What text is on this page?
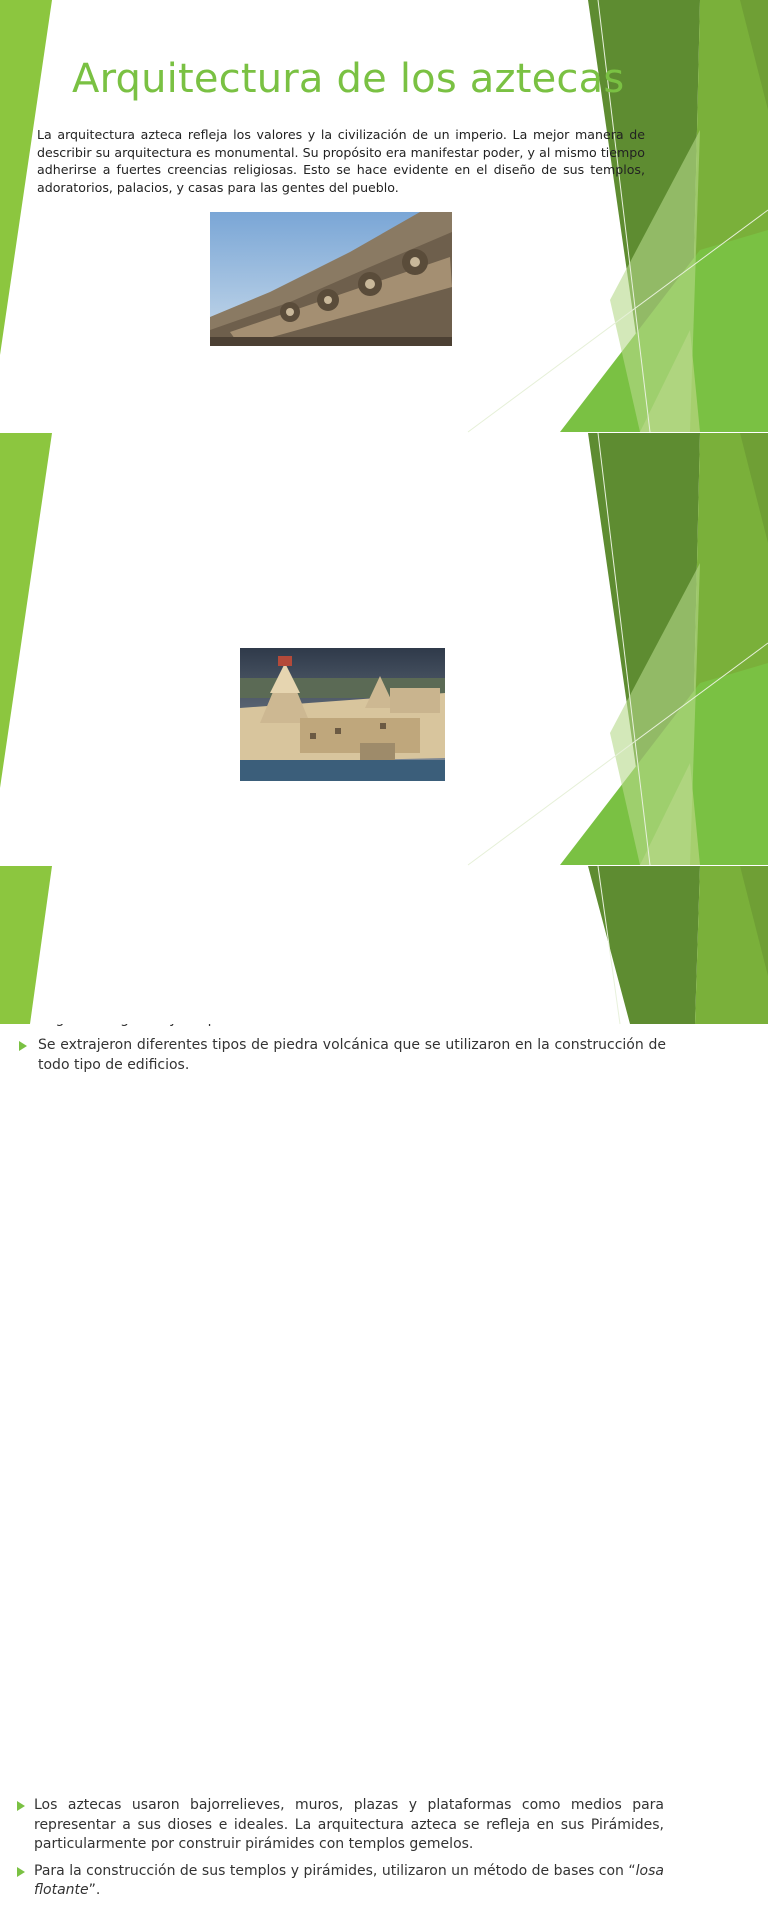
Arquitectura de los aztecas

La arquitectura azteca refleja los valores y la civilización de un imperio. La mejor manera de describir su arquitectura es monumental. Su propósito era manifestar poder, y al mismo tiempo adherirse a fuertes creencias religiosas. Esto se hace evidente en el diseño de sus templos, adoratorios, palacios, y casas para las gentes del pueblo.

Se extrajeron diferentes tipos de piedra volcánica que se utilizaron en la construcción de todo tipo de edificios.
Los aztecas usaron bajorrelieves, muros, plazas y plataformas como medios para representar a sus dioses e ideales. La arquitectura azteca se refleja en sus Pirámides, particularmente por construir pirámides con templos gemelos.
Para la construcción de sus templos y pirámides, utilizaron un método de bases con “losa flotante”.
